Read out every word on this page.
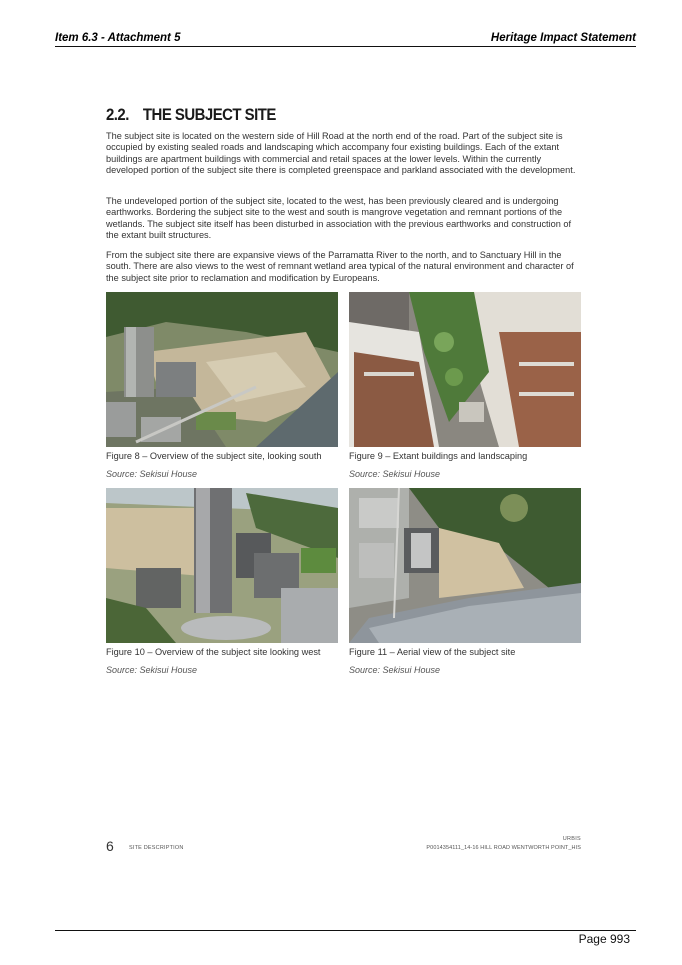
Item 6.3 - Attachment 5	Heritage Impact Statement
2.2. THE SUBJECT SITE

The subject site is located on the western side of Hill Road at the north end of the road. Part of the subject site is occupied by existing sealed roads and landscaping which accompany four existing buildings. Each of the extant buildings are apartment buildings with commercial and retail spaces at the lower levels. Within the currently developed portion of the subject site there is completed greenspace and parkland associated with the development.

The undeveloped portion of the subject site, located to the west, has been previously cleared and is undergoing earthworks. Bordering the subject site to the west and south is mangrove vegetation and remnant portions of the wetlands. The subject site itself has been disturbed in association with the previous earthworks and construction of the extant built structures.

From the subject site there are expansive views of the Parramatta River to the north, and to Sanctuary Hill in the south. There are also views to the west of remnant wetland area typical of the natural environment and character of the subject site prior to reclamation and modification by Europeans.

Figure 8 – Overview of the subject site, looking south
Source: Sekisui House
Figure 9 – Extant buildings and landscaping
Source: Sekisui House
Figure 10 – Overview of the subject site looking west
Source: Sekisui House
Figure 11 – Aerial view of the subject site
Source: Sekisui House
6	SITE DESCRIPTION
URBIS
P0014354111_14-16 HILL ROAD WENTWORTH POINT_HIS
Page 993
